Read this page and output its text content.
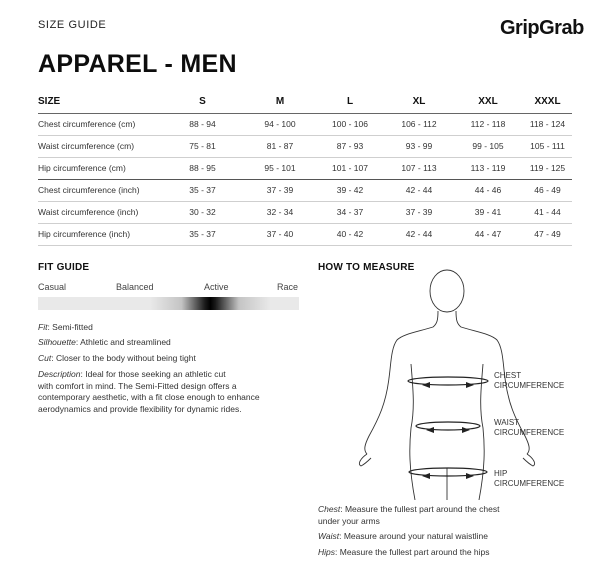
SIZE GUIDE	GripGrab
APPAREL - MEN
SIZE	S	M	L	XL	XXL	XXXL
Chest circumference (cm)	88 - 94	94 - 100	100 - 106	106 - 112	112 - 118	118 - 124
Waist circumference (cm)	75 - 81	81 - 87	87 - 93	93 - 99	99 - 105	105 - 111
Hip circumference (cm)	88 - 95	95 - 101	101 - 107	107 - 113	113 - 119	119 - 125
Chest circumference (inch)	35 - 37	37 - 39	39 - 42	42 - 44	44 - 46	46 - 49
Waist circumference (inch)	30 - 32	32 - 34	34 - 37	37 - 39	39 - 41	41 - 44
Hip circumference (inch)	35 - 37	37 - 40	40 - 42	42 - 44	44 - 47	47 - 49
FIT GUIDE
Casual	Balanced	Active	Race
Fit: Semi-fitted
Silhouette: Athletic and streamlined
Cut: Closer to the body without being tight
Description: Ideal for those seeking an athletic cut
with comfort in mind. The Semi-Fitted design offers a
contemporary aesthetic, with a fit close enough to enhance
aerodynamics and provide flexibility for dynamic rides.
HOW TO MEASURE
CHEST
CIRCUMFERENCE
WAIST
CIRCUMFERENCE
HIP
CIRCUMFERENCE
Chest: Measure the fullest part around the chest
under your arms
Waist: Measure around your natural waistline
Hips: Measure the fullest part around the hips
